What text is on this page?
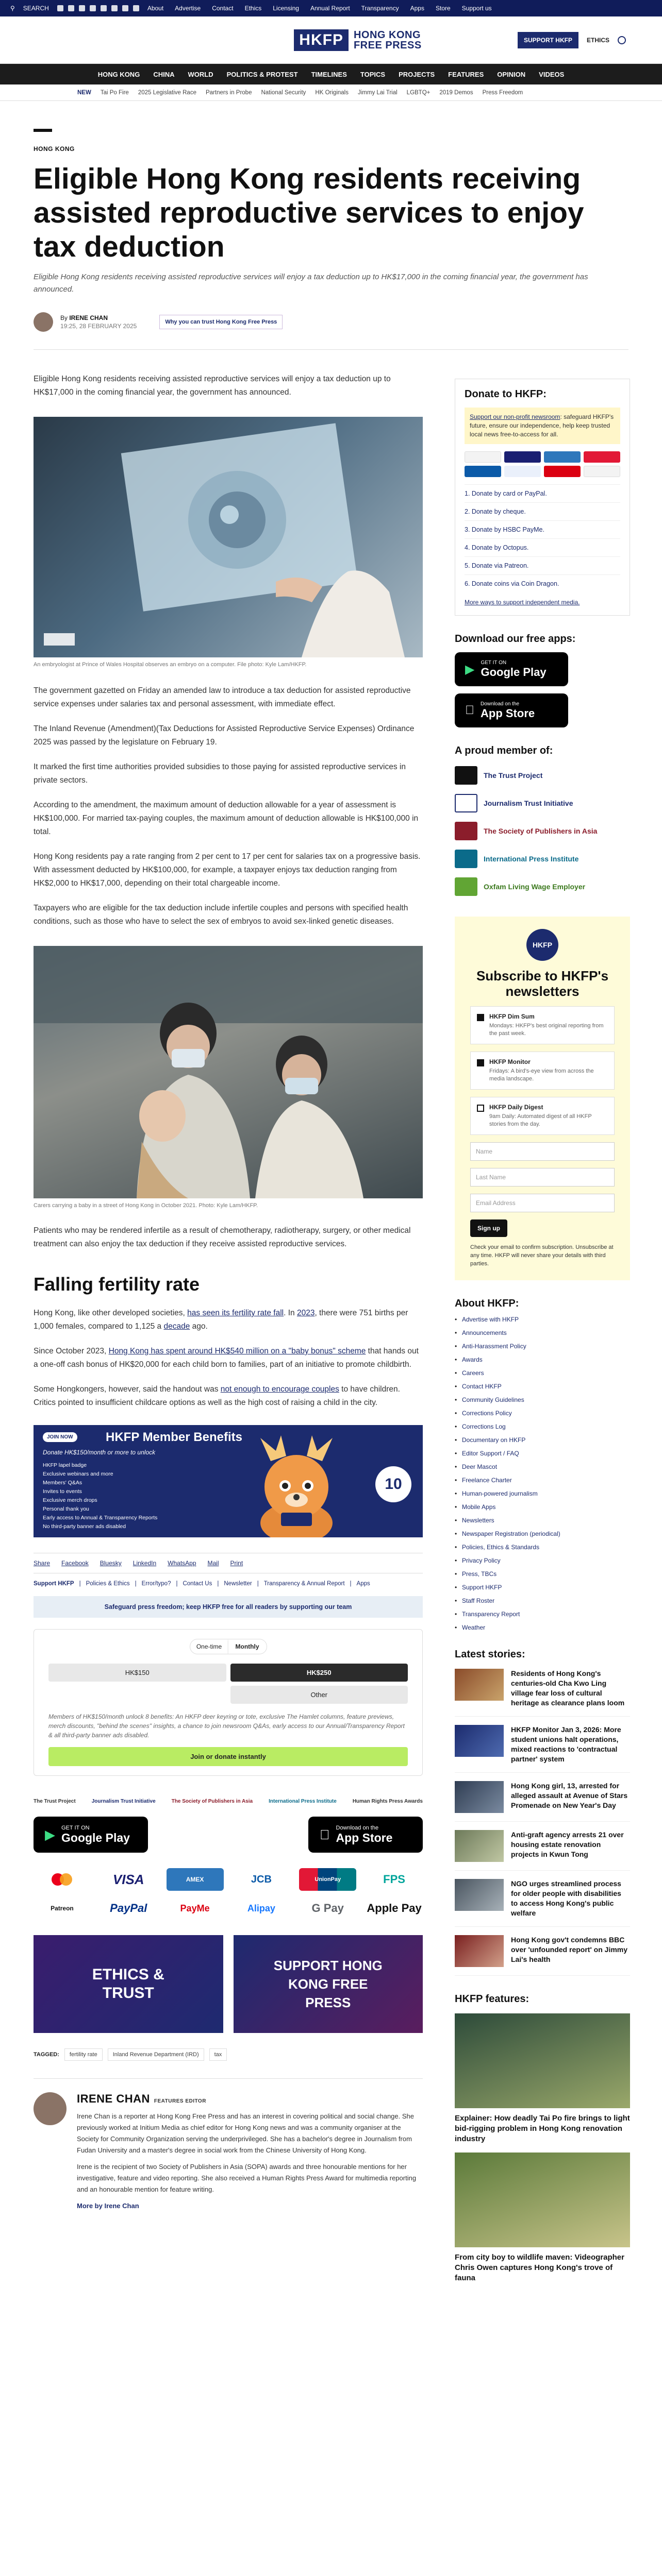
⚲ SEARCH	About Advertise Contact Ethics Licensing Annual Report Transparency Apps Store Support us
HKFP	HONG KONG
FREE PRESS	SUPPORT HKFP	ETHICS
HONG KONG CHINA WORLD POLITICS & PROTEST TIMELINES TOPICS PROJECTS FEATURES OPINION VIDEOS
NEW Tai Po Fire 2025 Legislative Race Partners in Probe National Security HK Originals Jimmy Lai Trial LGBTQ+ 2019 Demos Press Freedom
HONG KONG
Eligible Hong Kong residents receiving assisted reproductive services to enjoy tax deduction
Eligible Hong Kong residents receiving assisted reproductive services will enjoy a tax deduction up to HK$17,000 in the coming financial year, the government has announced.
By IRENE CHAN
19:25, 28 FEBRUARY 2025
Why you can trust Hong Kong Free Press

Eligible Hong Kong residents receiving assisted reproductive services will enjoy a tax deduction up to HK$17,000 in the coming financial year, the government has announced.

An embryologist at Prince of Wales Hospital observes an embryo on a computer. File photo: Kyle Lam/HKFP.

The government gazetted on Friday an amended law to introduce a tax deduction for assisted reproductive service expenses under salaries tax and personal assessment, with immediate effect.

The Inland Revenue (Amendment)(Tax Deductions for Assisted Reproductive Service Expenses) Ordinance 2025 was passed by the legislature on February 19.

It marked the first time authorities provided subsidies to those paying for assisted reproductive services in private sectors.

According to the amendment, the maximum amount of deduction allowable for a year of assessment is HK$100,000. For married tax-paying couples, the maximum amount of deduction allowable is HK$100,000 in total.

Hong Kong residents pay a rate ranging from 2 per cent to 17 per cent for salaries tax on a progressive basis. With assessment deducted by HK$100,000, for example, a taxpayer enjoys tax deduction ranging from HK$2,000 to HK$17,000, depending on their total chargeable income.

Taxpayers who are eligible for the tax deduction include infertile couples and persons with specified health conditions, such as those who have to select the sex of embryos to avoid sex-linked genetic diseases.

Carers carrying a baby in a street of Hong Kong in October 2021. Photo: Kyle Lam/HKFP.

Patients who may be rendered infertile as a result of chemotherapy, radiotherapy, surgery, or other medical treatment can also enjoy the tax deduction if they receive assisted reproductive services.

Falling fertility rate

Hong Kong, like other developed societies, has seen its fertility rate fall. In 2023, there were 751 births per 1,000 females, compared to 1,125 a decade ago.

Since October 2023, Hong Kong has spent around HK$540 million on a "baby bonus" scheme that hands out a one-off cash bonus of HK$20,000 for each child born to families, part of an initiative to promote childbirth.

Some Hongkongers, however, said the handout was not enough to encourage couples to have children. Critics pointed to insufficient childcare options as well as the high cost of raising a child in the city.

JOIN NOW	HKFP Member Benefits
Donate HK$150/month or more to unlock
HKFP lapel badge
Exclusive webinars and more
Members' Q&As
Invites to events
Exclusive merch drops
Personal thank you
Early access to Annual & Transparency Reports
No third-party banner ads disabled
10
Share Facebook Bluesky LinkedIn WhatsApp Mail Print
Support HKFP | Policies & Ethics | Error/typo? | Contact Us | Newsletter | Transparency & Annual Report | Apps
Safeguard press freedom; keep HKFP free for all readers by supporting our team
One-time	Monthly
HK$150	HK$250
Other
Members of HK$150/month unlock 8 benefits: An HKFP deer keyring or tote, exclusive The Hamlet columns, feature previews, merch discounts, "behind the scenes" insights, a chance to join newsroom Q&As, early access to our Annual/Transparency Report & all third-party banner ads disabled.
Join or donate instantly
The Trust Project	Journalism Trust Initiative	The Society of Publishers in Asia	International Press Institute	Human Rights Press Awards
▶ GET IT ON
Google Play
Download on the
App Store
VISA	AMEX	JCB	UnionPay	FPS
Patreon	PayPal	PayMe	Alipay	G Pay	Apple Pay
ETHICS & TRUST
SUPPORT HONG KONG FREE PRESS
TAGGED:	fertility rate	Inland Revenue Department (IRD)	tax
IRENE CHAN FEATURES EDITOR

Irene Chan is a reporter at Hong Kong Free Press and has an interest in covering political and social change. She previously worked at Initium Media as chief editor for Hong Kong news and was a community organiser at the Society for Community Organization serving the underprivileged. She has a bachelor's degree in Journalism from Fudan University and a master's degree in social work from the Chinese University of Hong Kong.

Irene is the recipient of two Society of Publishers in Asia (SOPA) awards and three honourable mentions for her investigative, feature and video reporting. She also received a Human Rights Press Award for multimedia reporting and an honourable mention for feature writing.

More by Irene Chan

Donate to HKFP:
Support our non-profit newsroom: safeguard HKFP's future, ensure our independence, help keep trusted local news free-to-access for all.
1. Donate by card or PayPal.
2. Donate by cheque.
3. Donate by HSBC PayMe.
4. Donate by Octopus.
5. Donate via Patreon.
6. Donate coins via Coin Dragon.
More ways to support independent media.
Download our free apps:
▶ GET IT ON
Google Play
Download on the
App Store
A proud member of:
The Trust Project
Journalism Trust Initiative
The Society of Publishers in Asia
International Press Institute
Oxfam Living Wage Employer
HKFP
Subscribe to HKFP's newsletters
HKFP Dim Sum

Mondays: HKFP's best original reporting from the past week.

HKFP Monitor

Fridays: A bird's-eye view from across the media landscape.

HKFP Daily Digest

9am Daily: Automated digest of all HKFP stories from the day.

Name
Last Name
Email Address
Sign up
Check your email to confirm subscription. Unsubscribe at any time. HKFP will never share your details with third parties.
About HKFP:
• Advertise with HKFP
• Announcements
• Anti-Harassment Policy
• Awards
• Careers
• Contact HKFP
• Community Guidelines
• Corrections Policy
• Corrections Log
• Documentary on HKFP
• Editor Support / FAQ
• Deer Mascot
• Freelance Charter
• Human-powered journalism
• Mobile Apps
• Newsletters
• Newspaper Registration (periodical)
• Policies, Ethics & Standards
• Privacy Policy
• Press, TBCs
• Support HKFP
• Staff Roster
• Transparency Report
• Weather
Latest stories:
Residents of Hong Kong's centuries-old Cha Kwo Ling village fear loss of cultural heritage as clearance plans loom
HKFP Monitor Jan 3, 2026: More student unions halt operations, mixed reactions to 'contractual partner' system
Hong Kong girl, 13, arrested for alleged assault at Avenue of Stars Promenade on New Year's Day
Anti-graft agency arrests 21 over housing estate renovation projects in Kwun Tong
NGO urges streamlined process for older people with disabilities to access Hong Kong's public welfare
Hong Kong gov't condemns BBC over 'unfounded report' on Jimmy Lai's health
HKFP features:
Explainer: How deadly Tai Po fire brings to light bid-rigging problem in Hong Kong renovation industry
From city boy to wildlife maven: Videographer Chris Owen captures Hong Kong's trove of fauna
